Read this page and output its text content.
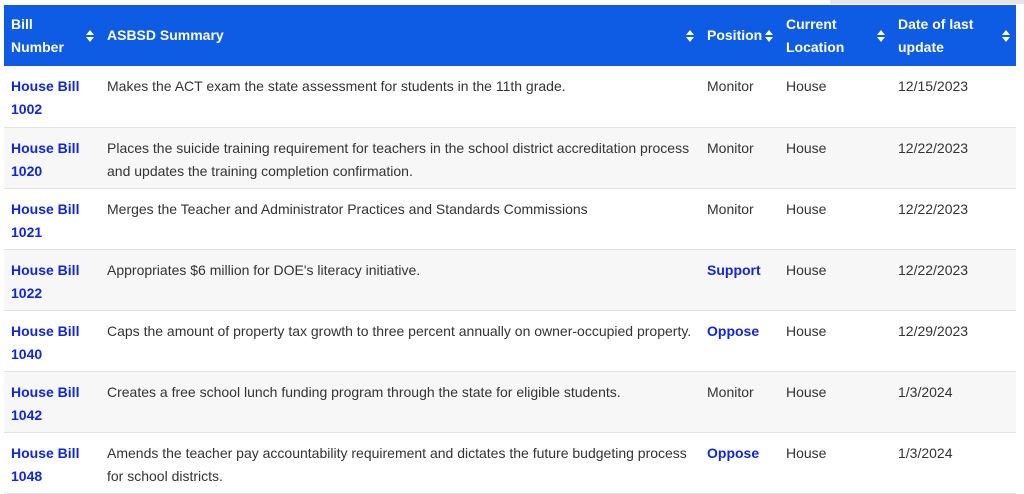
Bill Number	ASBSD Summary	Position	Current Location	Date of last update

House Bill 1002	Makes the ACT exam the state assessment for students in the 11th grade.	Monitor	House	12/15/2023
House Bill 1020	Places the suicide training requirement for teachers in the school district accreditation process and updates the training completion confirmation.	Monitor	House	12/22/2023
House Bill 1021	Merges the Teacher and Administrator Practices and Standards Commissions	Monitor	House	12/22/2023
House Bill 1022	Appropriates $6 million for DOE's literacy initiative.	Support	House	12/22/2023
House Bill 1040	Caps the amount of property tax growth to three percent annually on owner-occupied property.	Oppose	House	12/29/2023
House Bill 1042	Creates a free school lunch funding program through the state for eligible students.	Monitor	House	1/3/2024
House Bill 1048	Amends the teacher pay accountability requirement and dictates the future budgeting process for school districts.	Oppose	House	1/3/2024
